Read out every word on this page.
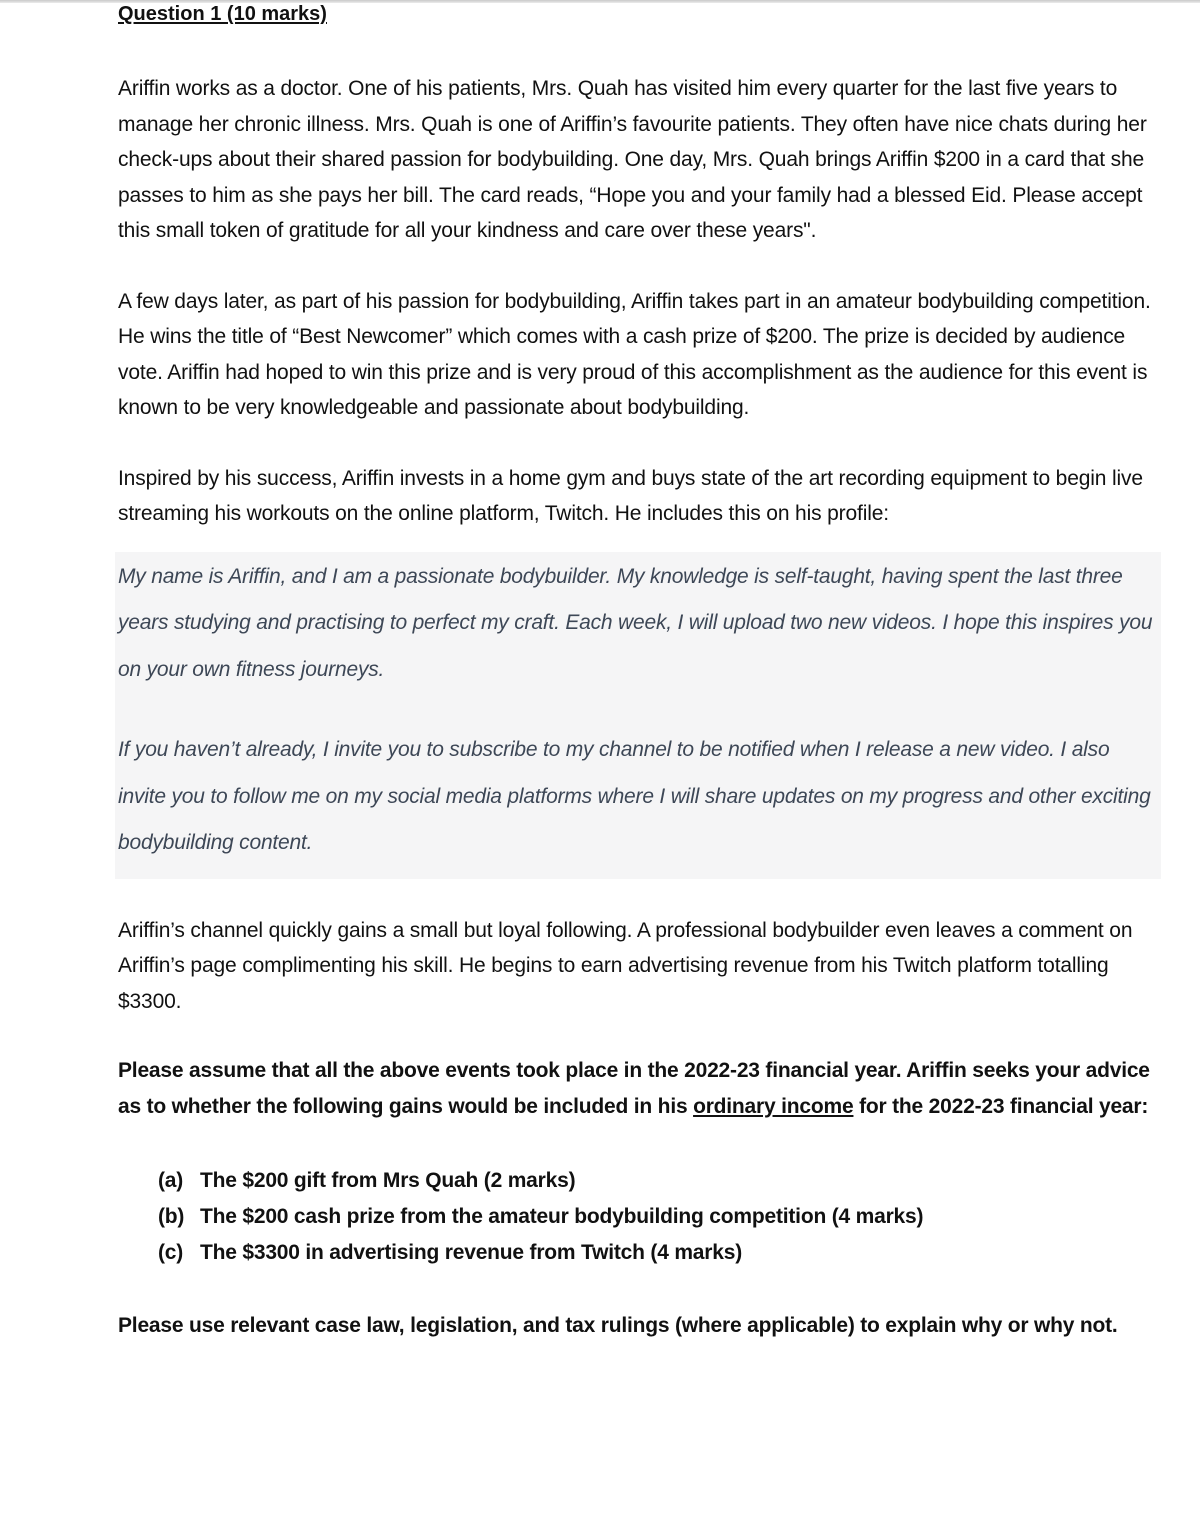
Question 1 (10 marks)

Ariffin works as a doctor. One of his patients, Mrs. Quah has visited him every quarter for the last five years to manage her chronic illness. Mrs. Quah is one of Ariffin’s favourite patients. They often have nice chats during her check-ups about their shared passion for bodybuilding. One day, Mrs. Quah brings Ariffin $200 in a card that she passes to him as she pays her bill. The card reads, “Hope you and your family had a blessed Eid. Please accept this small token of gratitude for all your kindness and care over these years".

A few days later, as part of his passion for bodybuilding, Ariffin takes part in an amateur bodybuilding competition. He wins the title of “Best Newcomer” which comes with a cash prize of $200. The prize is decided by audience vote. Ariffin had hoped to win this prize and is very proud of this accomplishment as the audience for this event is known to be very knowledgeable and passionate about bodybuilding.

Inspired by his success, Ariffin invests in a home gym and buys state of the art recording equipment to begin live streaming his workouts on the online platform, Twitch. He includes this on his profile:

My name is Ariffin, and I am a passionate bodybuilder. My knowledge is self-taught, having spent the last three years studying and practising to perfect my craft. Each week, I will upload two new videos. I hope this inspires you on your own fitness journeys.

If you haven’t already, I invite you to subscribe to my channel to be notified when I release a new video. I also invite you to follow me on my social media platforms where I will share updates on my progress and other exciting bodybuilding content.

Ariffin’s channel quickly gains a small but loyal following. A professional bodybuilder even leaves a comment on Ariffin’s page complimenting his skill. He begins to earn advertising revenue from his Twitch platform totalling $3300.

Please assume that all the above events took place in the 2022-23 financial year. Ariffin seeks your advice as to whether the following gains would be included in his ordinary income for the 2022-23 financial year:

(a) The $200 gift from Mrs Quah (2 marks)
(b) The $200 cash prize from the amateur bodybuilding competition (4 marks)
(c) The $3300 in advertising revenue from Twitch (4 marks)

Please use relevant case law, legislation, and tax rulings (where applicable) to explain why or why not.
